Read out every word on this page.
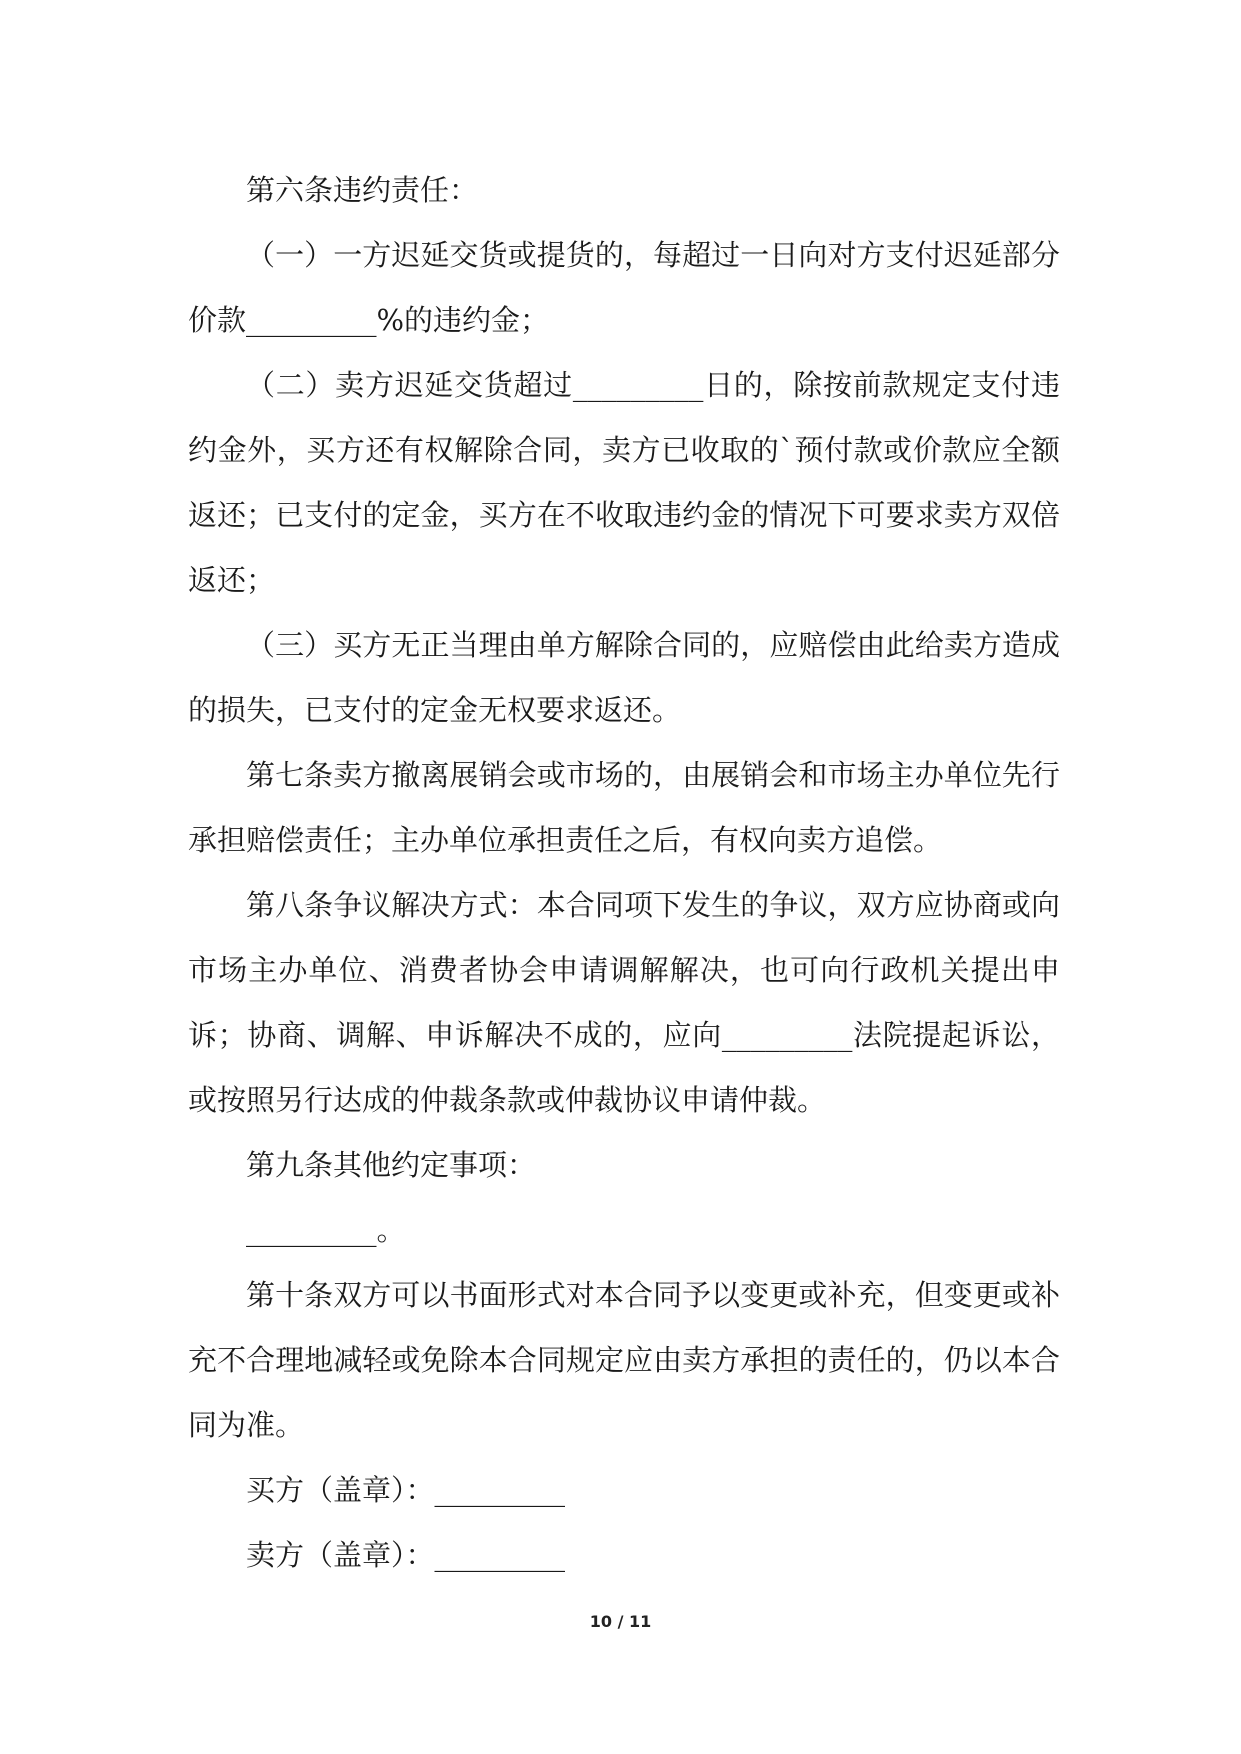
第六条违约责任：

（一）一方迟延交货或提货的，每超过一日向对方支付迟延部分价款_________%的违约金；

（二）卖方迟延交货超过_________日的，除按前款规定支付违约金外，买方还有权解除合同，卖方已收取的`预付款或价款应全额返还；已支付的定金，买方在不收取违约金的情况下可要求卖方双倍返还；

（三）买方无正当理由单方解除合同的，应赔偿由此给卖方造成的损失，已支付的定金无权要求返还。

第七条卖方撤离展销会或市场的，由展销会和市场主办单位先行承担赔偿责任；主办单位承担责任之后，有权向卖方追偿。

第八条争议解决方式：本合同项下发生的争议，双方应协商或向市场主办单位、消费者协会申请调解解决，也可向行政机关提出申诉；协商、调解、申诉解决不成的，应向_________法院提起诉讼，或按照另行达成的仲裁条款或仲裁协议申请仲裁。

第九条其他约定事项：

_________。

第十条双方可以书面形式对本合同予以变更或补充，但变更或补充不合理地减轻或免除本合同规定应由卖方承担的责任的，仍以本合同为准。

买方（盖章）：_________

卖方（盖章）：_________

10 / 11
